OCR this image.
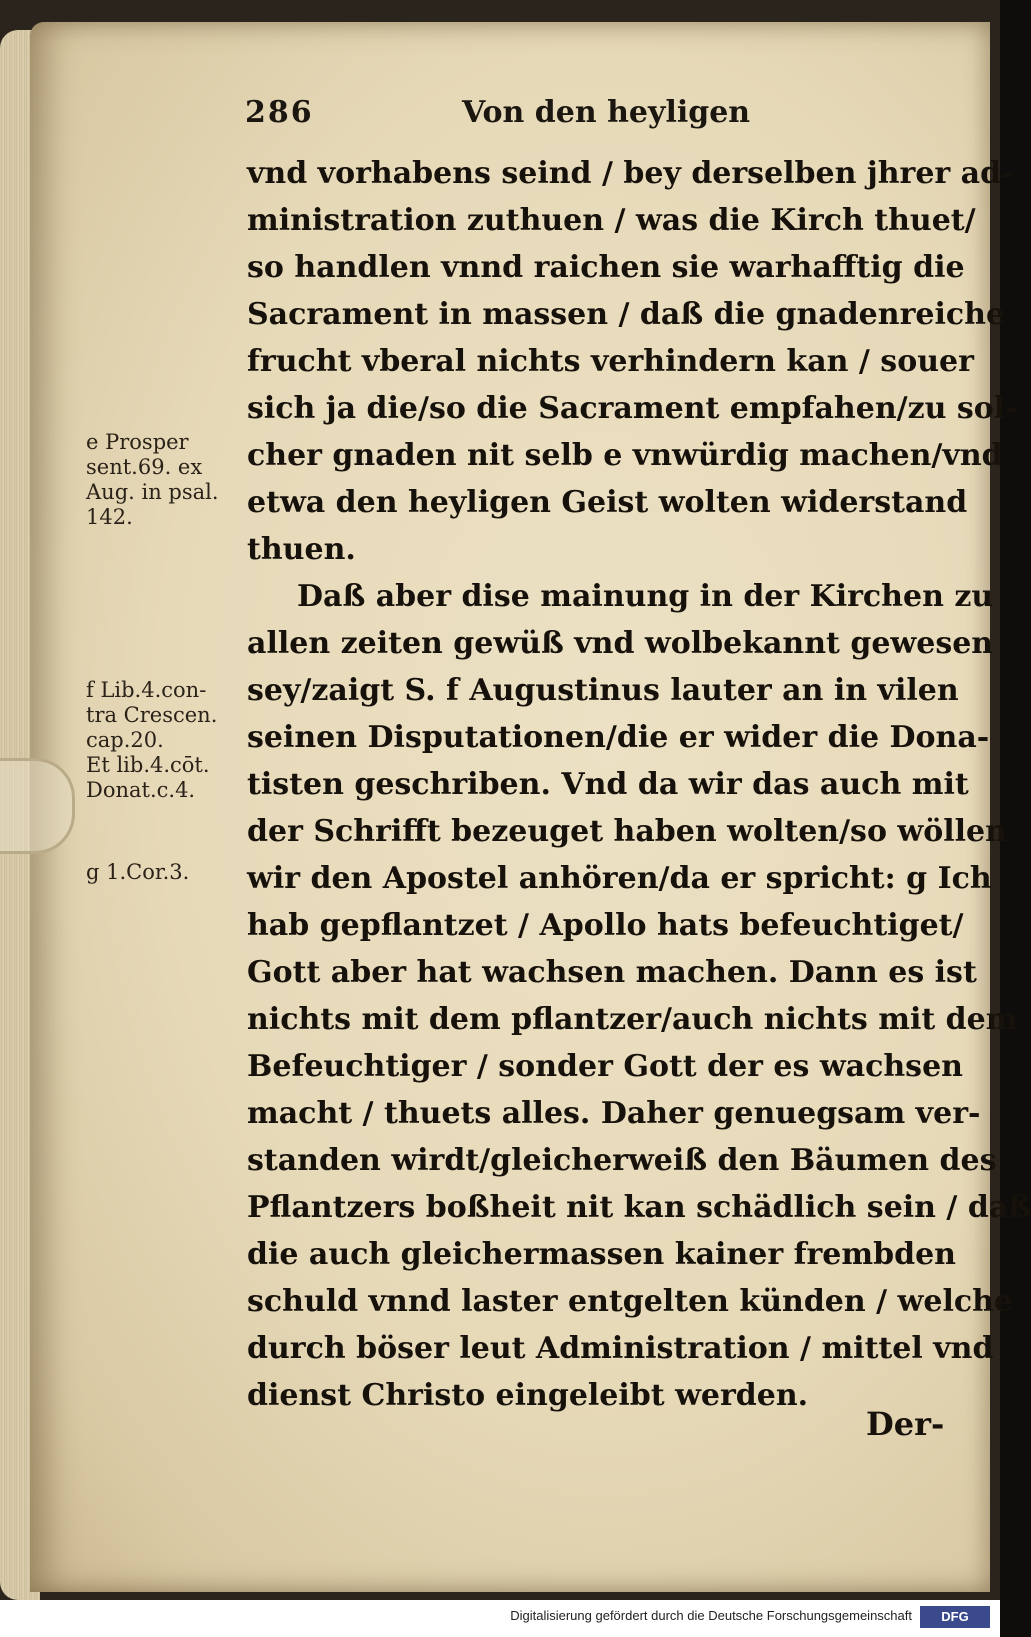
286	Von den heyligen
e Prosper
sent.69. ex
Aug. in psal.
142.
f Lib.4.con-
tra Crescen.
cap.20.
Et lib.4.cōt.
Donat.c.4.
g 1.Cor.3.
vnd vorhabens seind / bey derselben jhrer ad-
ministration zuthuen / was die Kirch thuet/
so handlen vnnd raichen sie warhafftig die
Sacrament in massen / daß die gnadenreiche
frucht vberal nichts verhindern kan / souer
sich ja die/so die Sacrament empfahen/zu sol-
cher gnaden nit selb e vnwürdig machen/vnd
etwa den heyligen Geist wolten widerstand
thuen.
Daß aber dise mainung in der Kirchen zu
allen zeiten gewüß vnd wolbekannt gewesen
sey/zaigt S. f Augustinus lauter an in vilen
seinen Disputationen/die er wider die Dona-
tisten geschriben. Vnd da wir das auch mit
der Schrifft bezeuget haben wolten/so wöllen
wir den Apostel anhören/da er spricht: g Ich
hab gepflantzet / Apollo hats befeuchtiget/
Gott aber hat wachsen machen. Dann es ist
nichts mit dem pflantzer/auch nichts mit dem
Befeuchtiger / sonder Gott der es wachsen
macht / thuets alles. Daher genuegsam ver-
standen wirdt/gleicherweiß den Bäumen des
Pflantzers boßheit nit kan schädlich sein / daß
die auch gleichermassen kainer frembden
schuld vnnd laster entgelten künden / welche
durch böser leut Administration / mittel vnd
dienst Christo eingeleibt werden.
Der-
Digitalisierung gefördert durch die Deutsche Forschungsgemeinschaft	DFG
